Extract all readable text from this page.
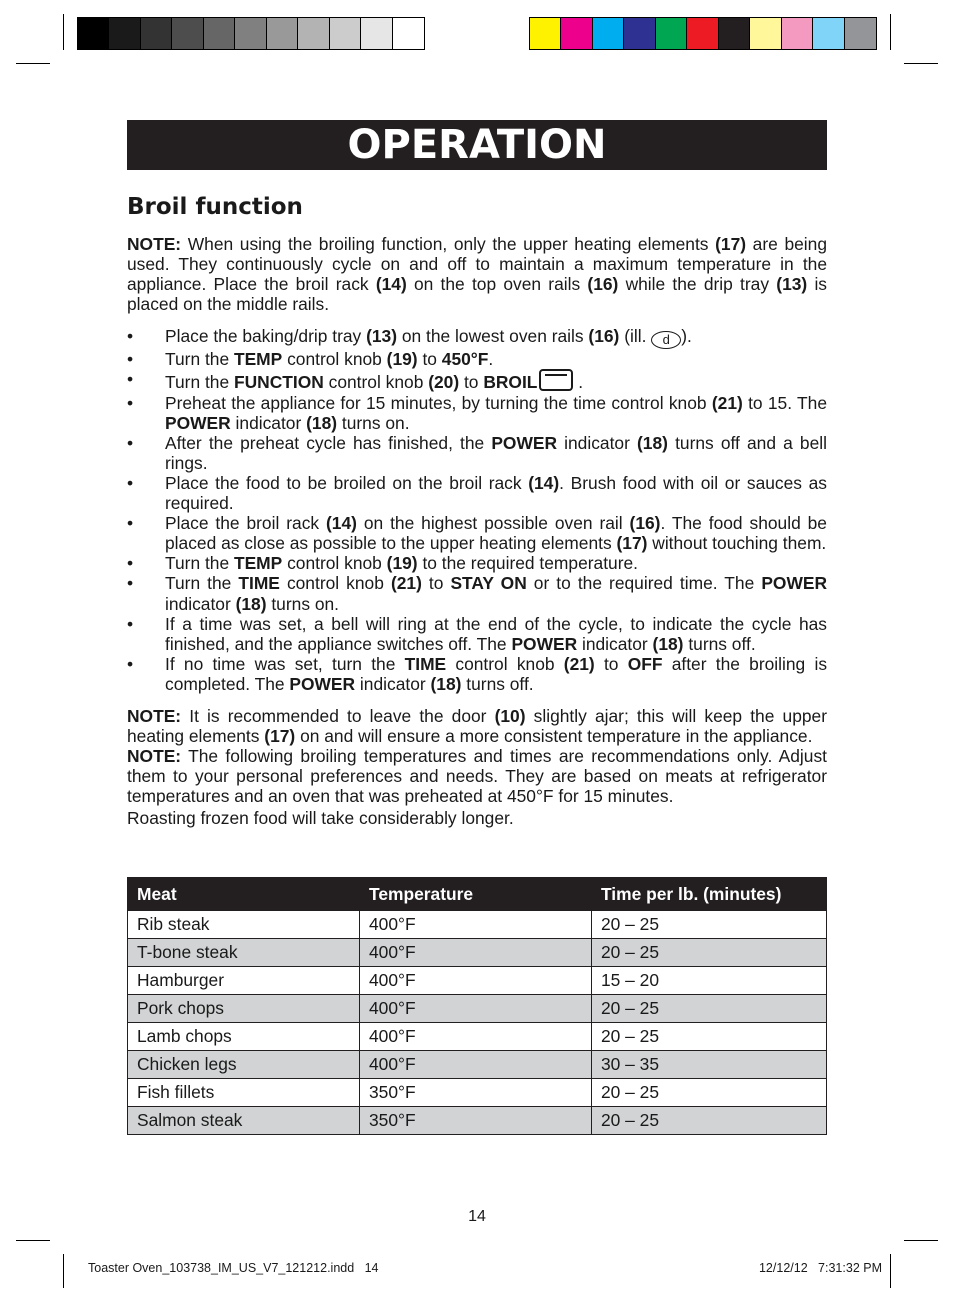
OPERATION
Broil function

NOTE: When using the broiling function, only the upper heating elements (17) are being used. They continuously cycle on and off to maintain a maximum temperature in the appliance. Place the broil rack (14) on the top oven rails (16) while the drip tray (13) is placed on the middle rails.

• Place the baking/drip tray (13) on the lowest oven rails (16) (ill. d ).
• Turn the TEMP control knob (19) to 450°F.
• Turn the FUNCTION control knob (20) to BROIL .
• Preheat the appliance for 15 minutes, by turning the time control knob (21) to 15. The POWER indicator (18) turns on.
• After the preheat cycle has finished, the POWER indicator (18) turns off and a bell rings.
• Place the food to be broiled on the broil rack (14). Brush food with oil or sauces as required.
• Place the broil rack (14) on the highest possible oven rail (16). The food should be placed as close as possible to the upper heating elements (17) without touching them.
• Turn the TEMP control knob (19) to the required temperature.
• Turn the TIME control knob (21) to STAY ON or to the required time. The POWER indicator (18) turns on.
• If a time was set, a bell will ring at the end of the cycle, to indicate the cycle has finished, and the appliance switches off. The POWER indicator (18) turns off.
• If no time was set, turn the TIME control knob (21) to OFF after the broiling is completed. The POWER indicator (18) turns off.

NOTE: It is recommended to leave the door (10) slightly ajar; this will keep the upper heating elements (17) on and will ensure a more consistent temperature in the appliance.

NOTE: The following broiling temperatures and times are recommendations only. Adjust them to your personal preferences and needs. They are based on meats at refrigerator temperatures and an oven that was preheated at 450°F for 15 minutes.

Roasting frozen food will take considerably longer.

Meat	Temperature	Time per lb. (minutes)
Rib steak	400°F	20 – 25
T-bone steak	400°F	20 – 25
Hamburger	400°F	15 – 20
Pork chops	400°F	20 – 25
Lamb chops	400°F	20 – 25
Chicken legs	400°F	30 – 35
Fish fillets	350°F	20 – 25
Salmon steak	350°F	20 – 25
14
Toaster Oven_103738_IM_US_V7_121212.indd   14	12/12/12   7:31:32 PM
